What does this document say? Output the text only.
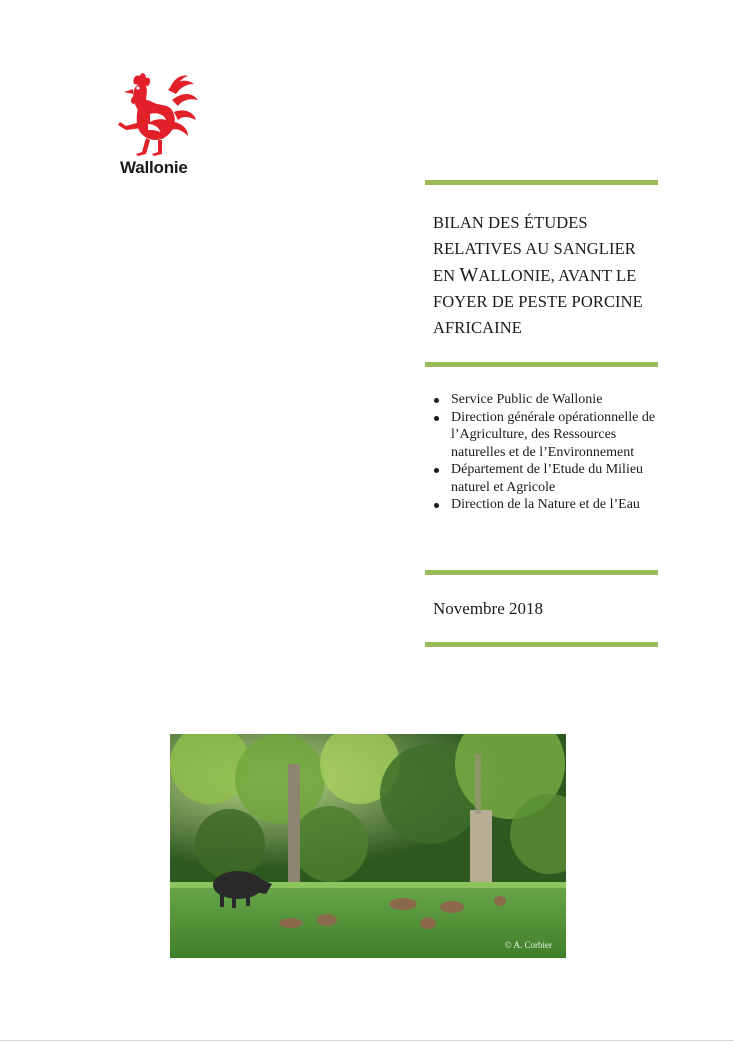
Wallonie
BILAN DES ÉTUDES
RELATIVES AU SANGLIER
EN WALLONIE, AVANT LE
FOYER DE PESTE PORCINE
AFRICAINE
Service Public de Wallonie
Direction générale opérationnelle de l’Agriculture, des Ressources naturelles et de l’Environnement
Département de l’Etude du Milieu naturel et Agricole
Direction de la Nature et de l’Eau
Novembre 2018
© A. Corbier
